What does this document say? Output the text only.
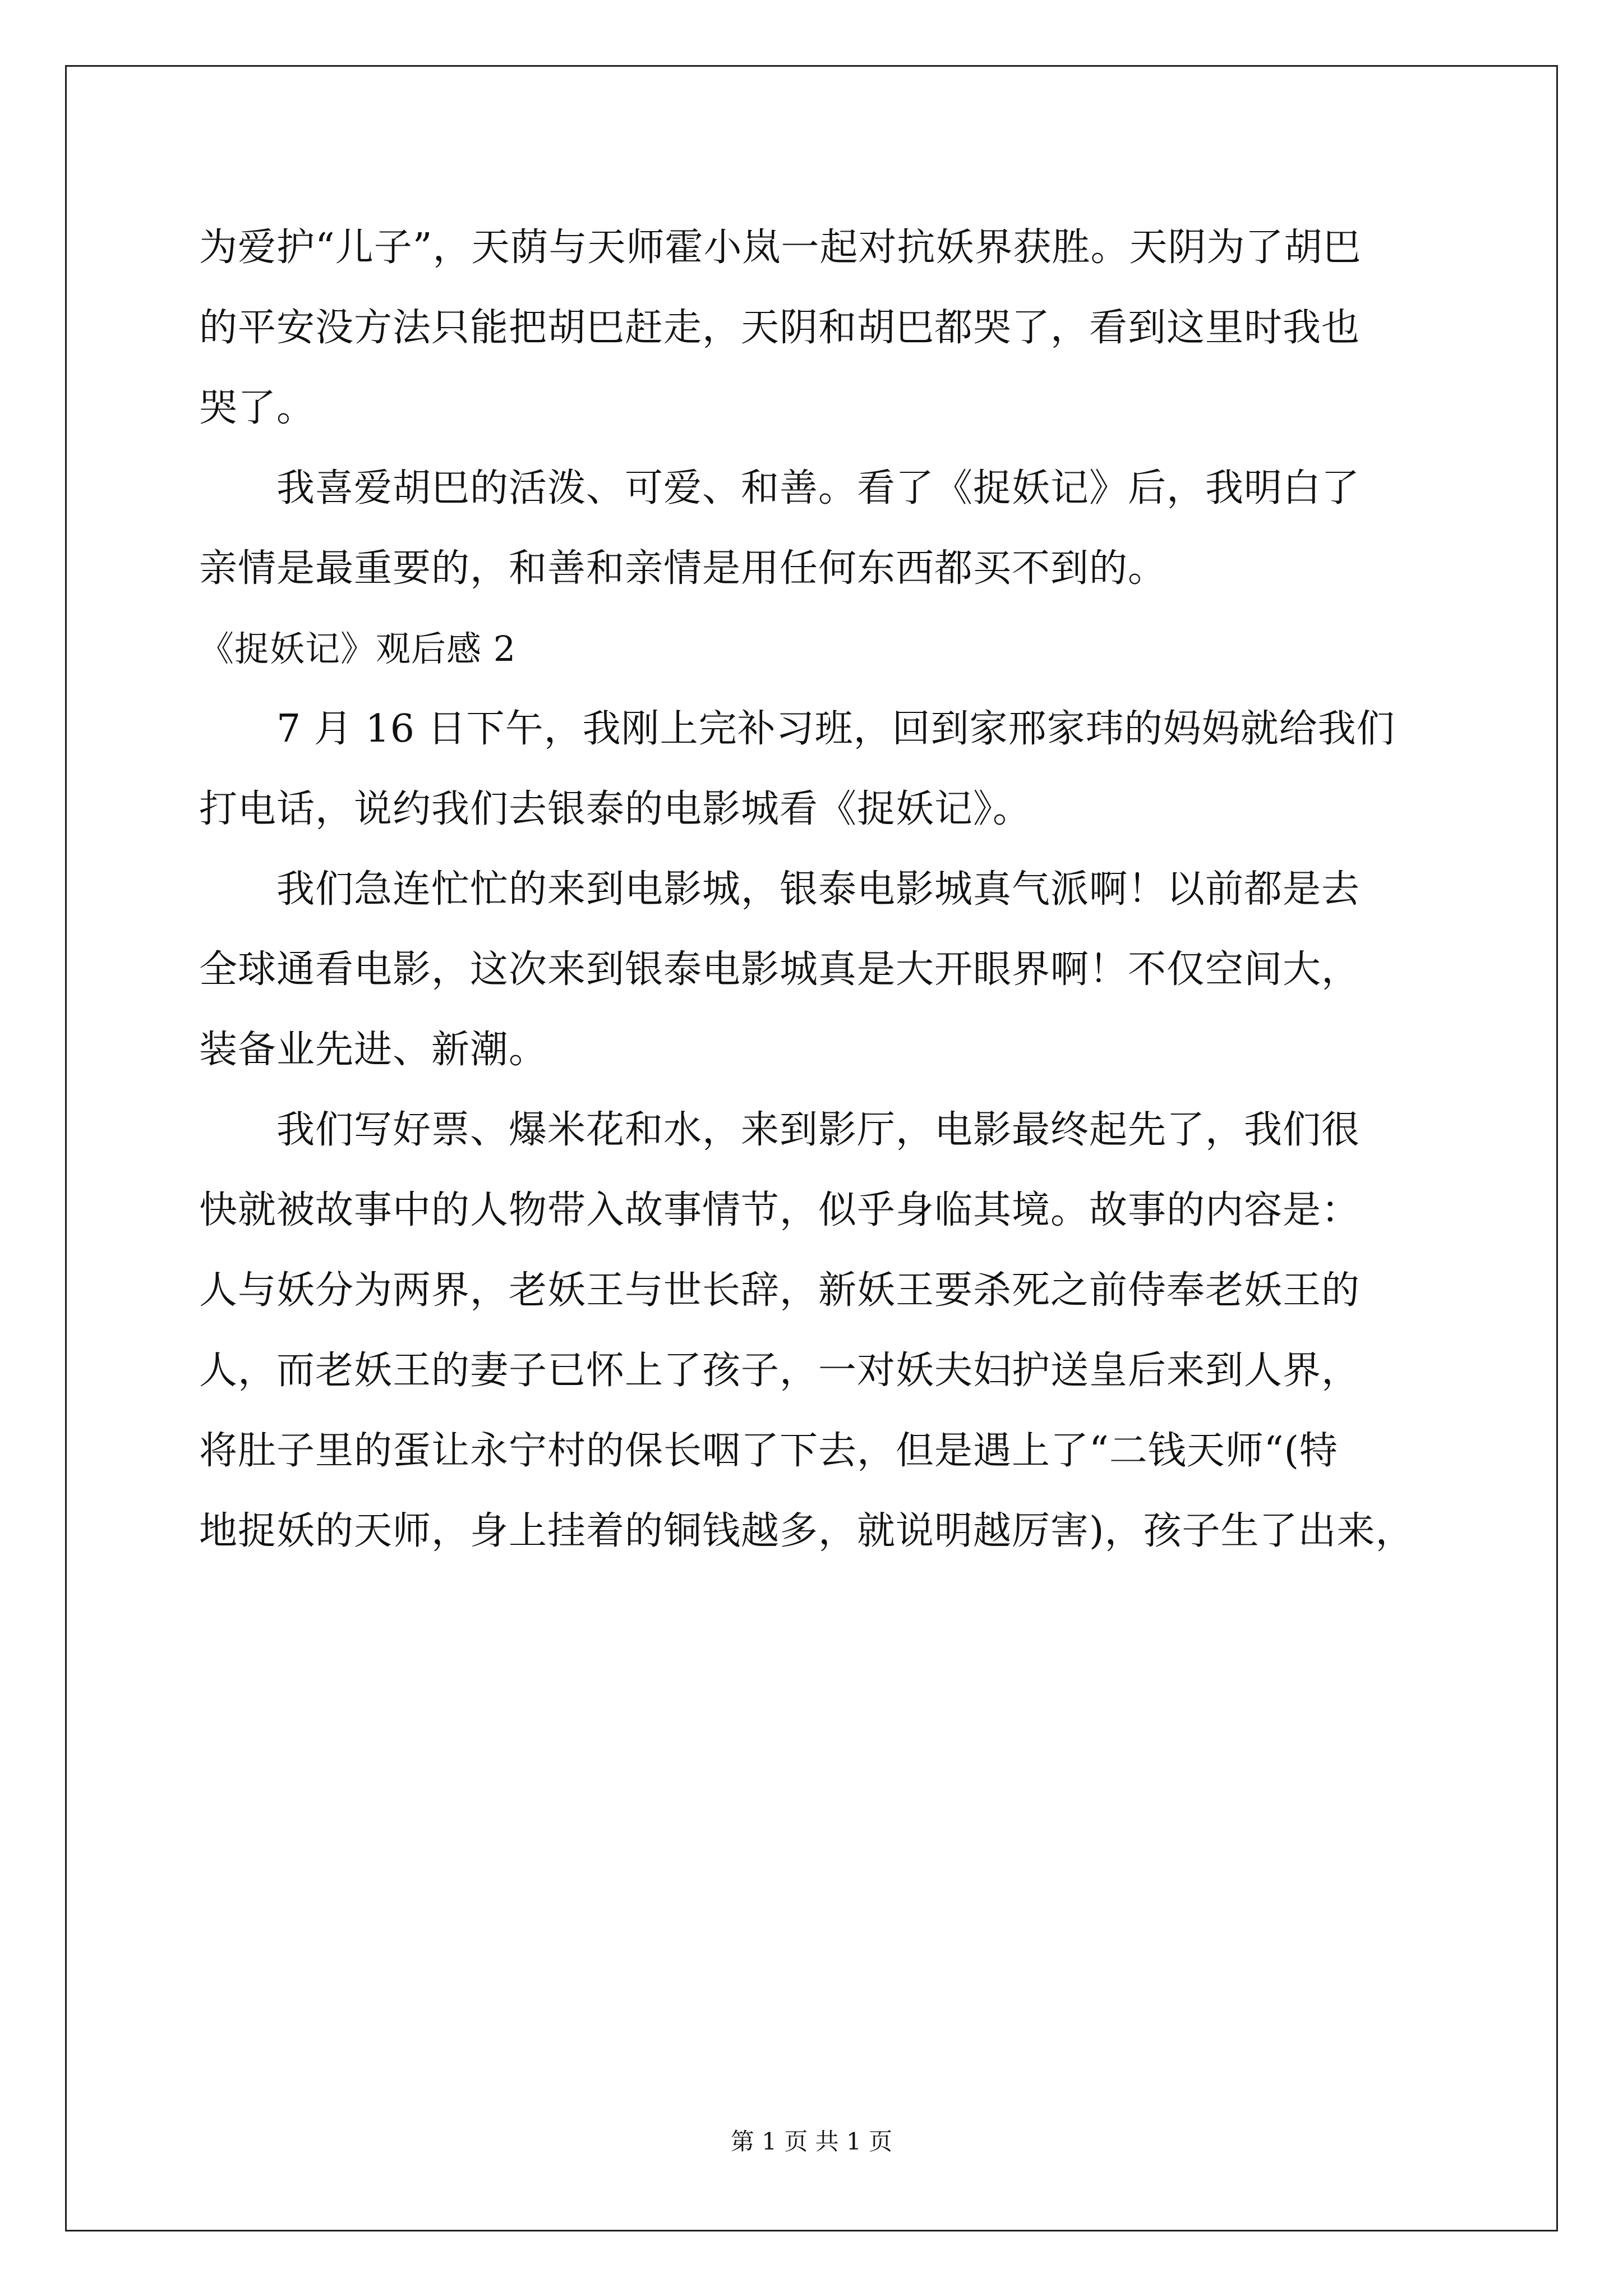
为爱护“儿子”，天荫与天师霍小岚一起对抗妖界获胜。天阴为了胡巴
的平安没方法只能把胡巴赶走，天阴和胡巴都哭了，看到这里时我也
哭了。
我喜爱胡巴的活泼、可爱、和善。看了《捉妖记》后，我明白了
亲情是最重要的，和善和亲情是用任何东西都买不到的。
《捉妖记》观后感 2
7 月 16 日下午，我刚上完补习班，回到家邢家玮的妈妈就给我们
打电话，说约我们去银泰的电影城看《捉妖记》。
我们急连忙忙的来到电影城，银泰电影城真气派啊！以前都是去
全球通看电影，这次来到银泰电影城真是大开眼界啊！不仅空间大，
装备业先进、新潮。
我们写好票、爆米花和水，来到影厅，电影最终起先了，我们很
快就被故事中的人物带入故事情节，似乎身临其境。故事的内容是：
人与妖分为两界，老妖王与世长辞，新妖王要杀死之前侍奉老妖王的
人，而老妖王的妻子已怀上了孩子，一对妖夫妇护送皇后来到人界，
将肚子里的蛋让永宁村的保长咽了下去，但是遇上了“二钱天师“(特
地捉妖的天师，身上挂着的铜钱越多，就说明越厉害)，孩子生了出来，
第 1 页 共 1 页
